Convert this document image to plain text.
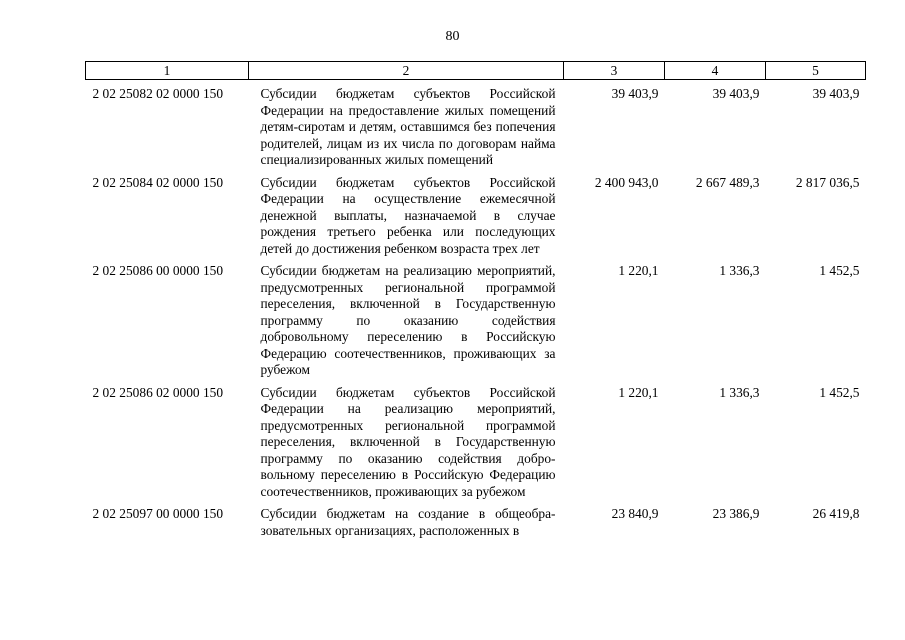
80
1	2	3	4	5
2 02 25082 02 0000 150	Субсидии бюджетам субъектов Российской Федерации на предоставление жилых помещений детям-сиротам и детям, оставшимся без попечения родителей, лицам из их числа по договорам найма специализированных жилых помещений	39 403,9	39 403,9	39 403,9
2 02 25084 02 0000 150	Субсидии бюджетам субъектов Российской Федерации на осуществление ежемесячной денежной выплаты, назначаемой в случае рождения третьего ребенка или последующих детей до достижения ребенком возраста трех лет	2 400 943,0	2 667 489,3	2 817 036,5
2 02 25086 00 0000 150	Субсидии бюджетам на реализацию мероприятий, предусмотренных региональной программой переселения, включенной в Государственную программу по оказанию содействия добровольному переселению в Российскую Федерацию соотечественников, проживающих за рубежом	1 220,1	1 336,3	1 452,5
2 02 25086 02 0000 150	Субсидии бюджетам субъектов Российской Федерации на реализацию мероприятий, предусмотренных региональной программой переселения, включенной в Государственную программу по оказанию содействия добровольному переселению в Российскую Федерацию соотечественников, проживающих за рубежом	1 220,1	1 336,3	1 452,5
2 02 25097 00 0000 150	Субсидии бюджетам на создание в общеобразовательных организациях, расположенных в	23 840,9	23 386,9	26 419,8
